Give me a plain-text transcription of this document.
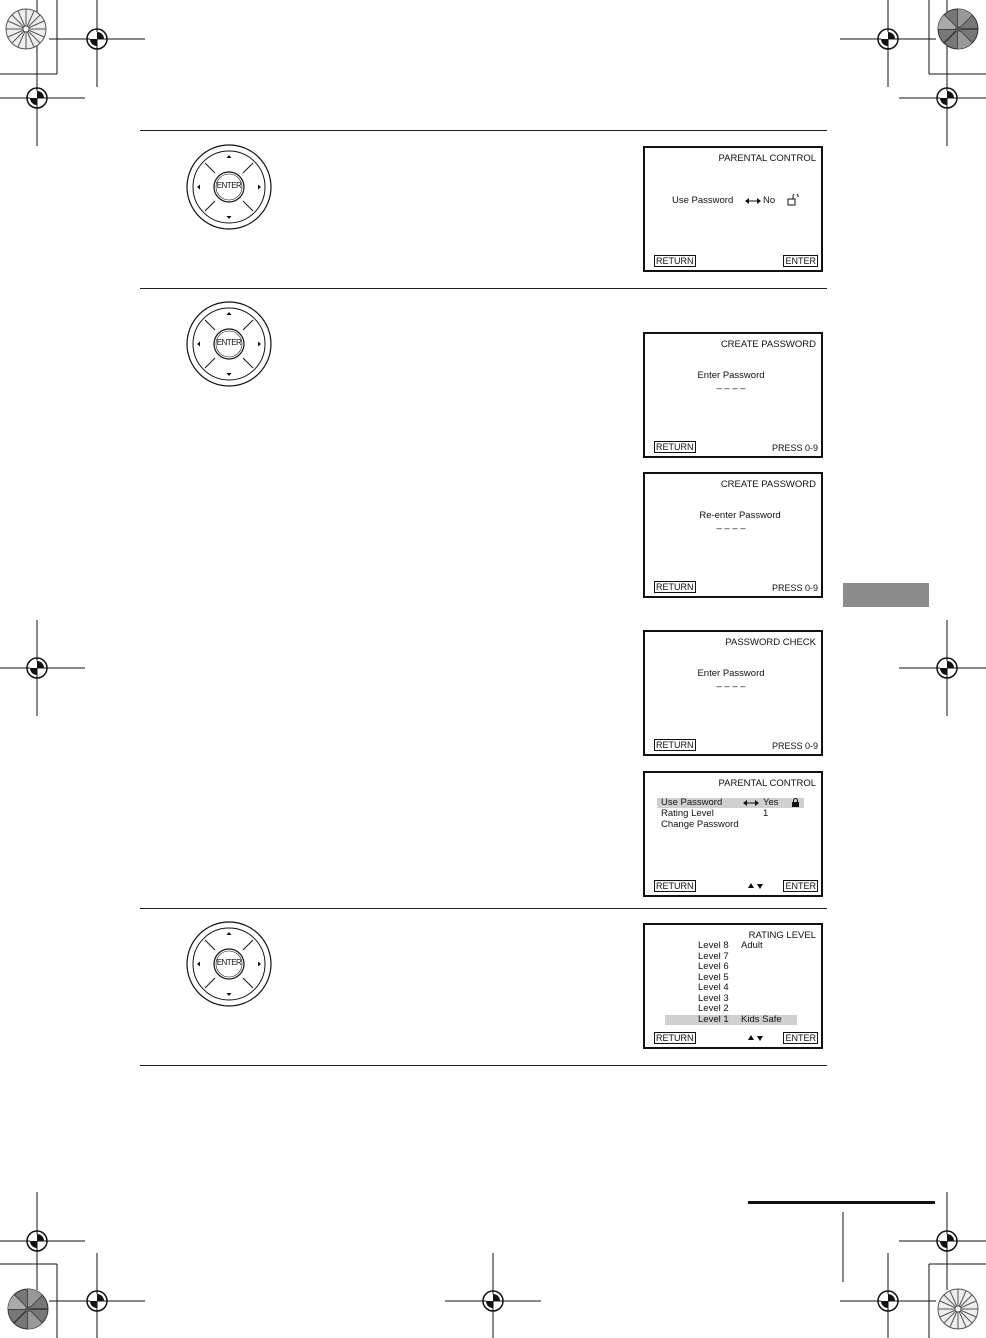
ENTER
ENTER
ENTER
PARENTAL CONTROL
Use Password	No
RETURN	ENTER
CREATE PASSWORD
Enter Password
– – – –
RETURN	PRESS 0-9
CREATE PASSWORD
Re-enter Password
– – – –
RETURN	PRESS 0-9
PASSWORD CHECK
Enter Password
– – – –
RETURN	PRESS 0-9
PARENTAL CONTROL
Use Password	Yes
Rating Level	1
Change Password
RETURN	ENTER
RATING LEVEL
Level 8 Adult
Level 7
Level 6
Level 5
Level 4
Level 3
Level 2
Level 1 Kids Safe
RETURN	ENTER
